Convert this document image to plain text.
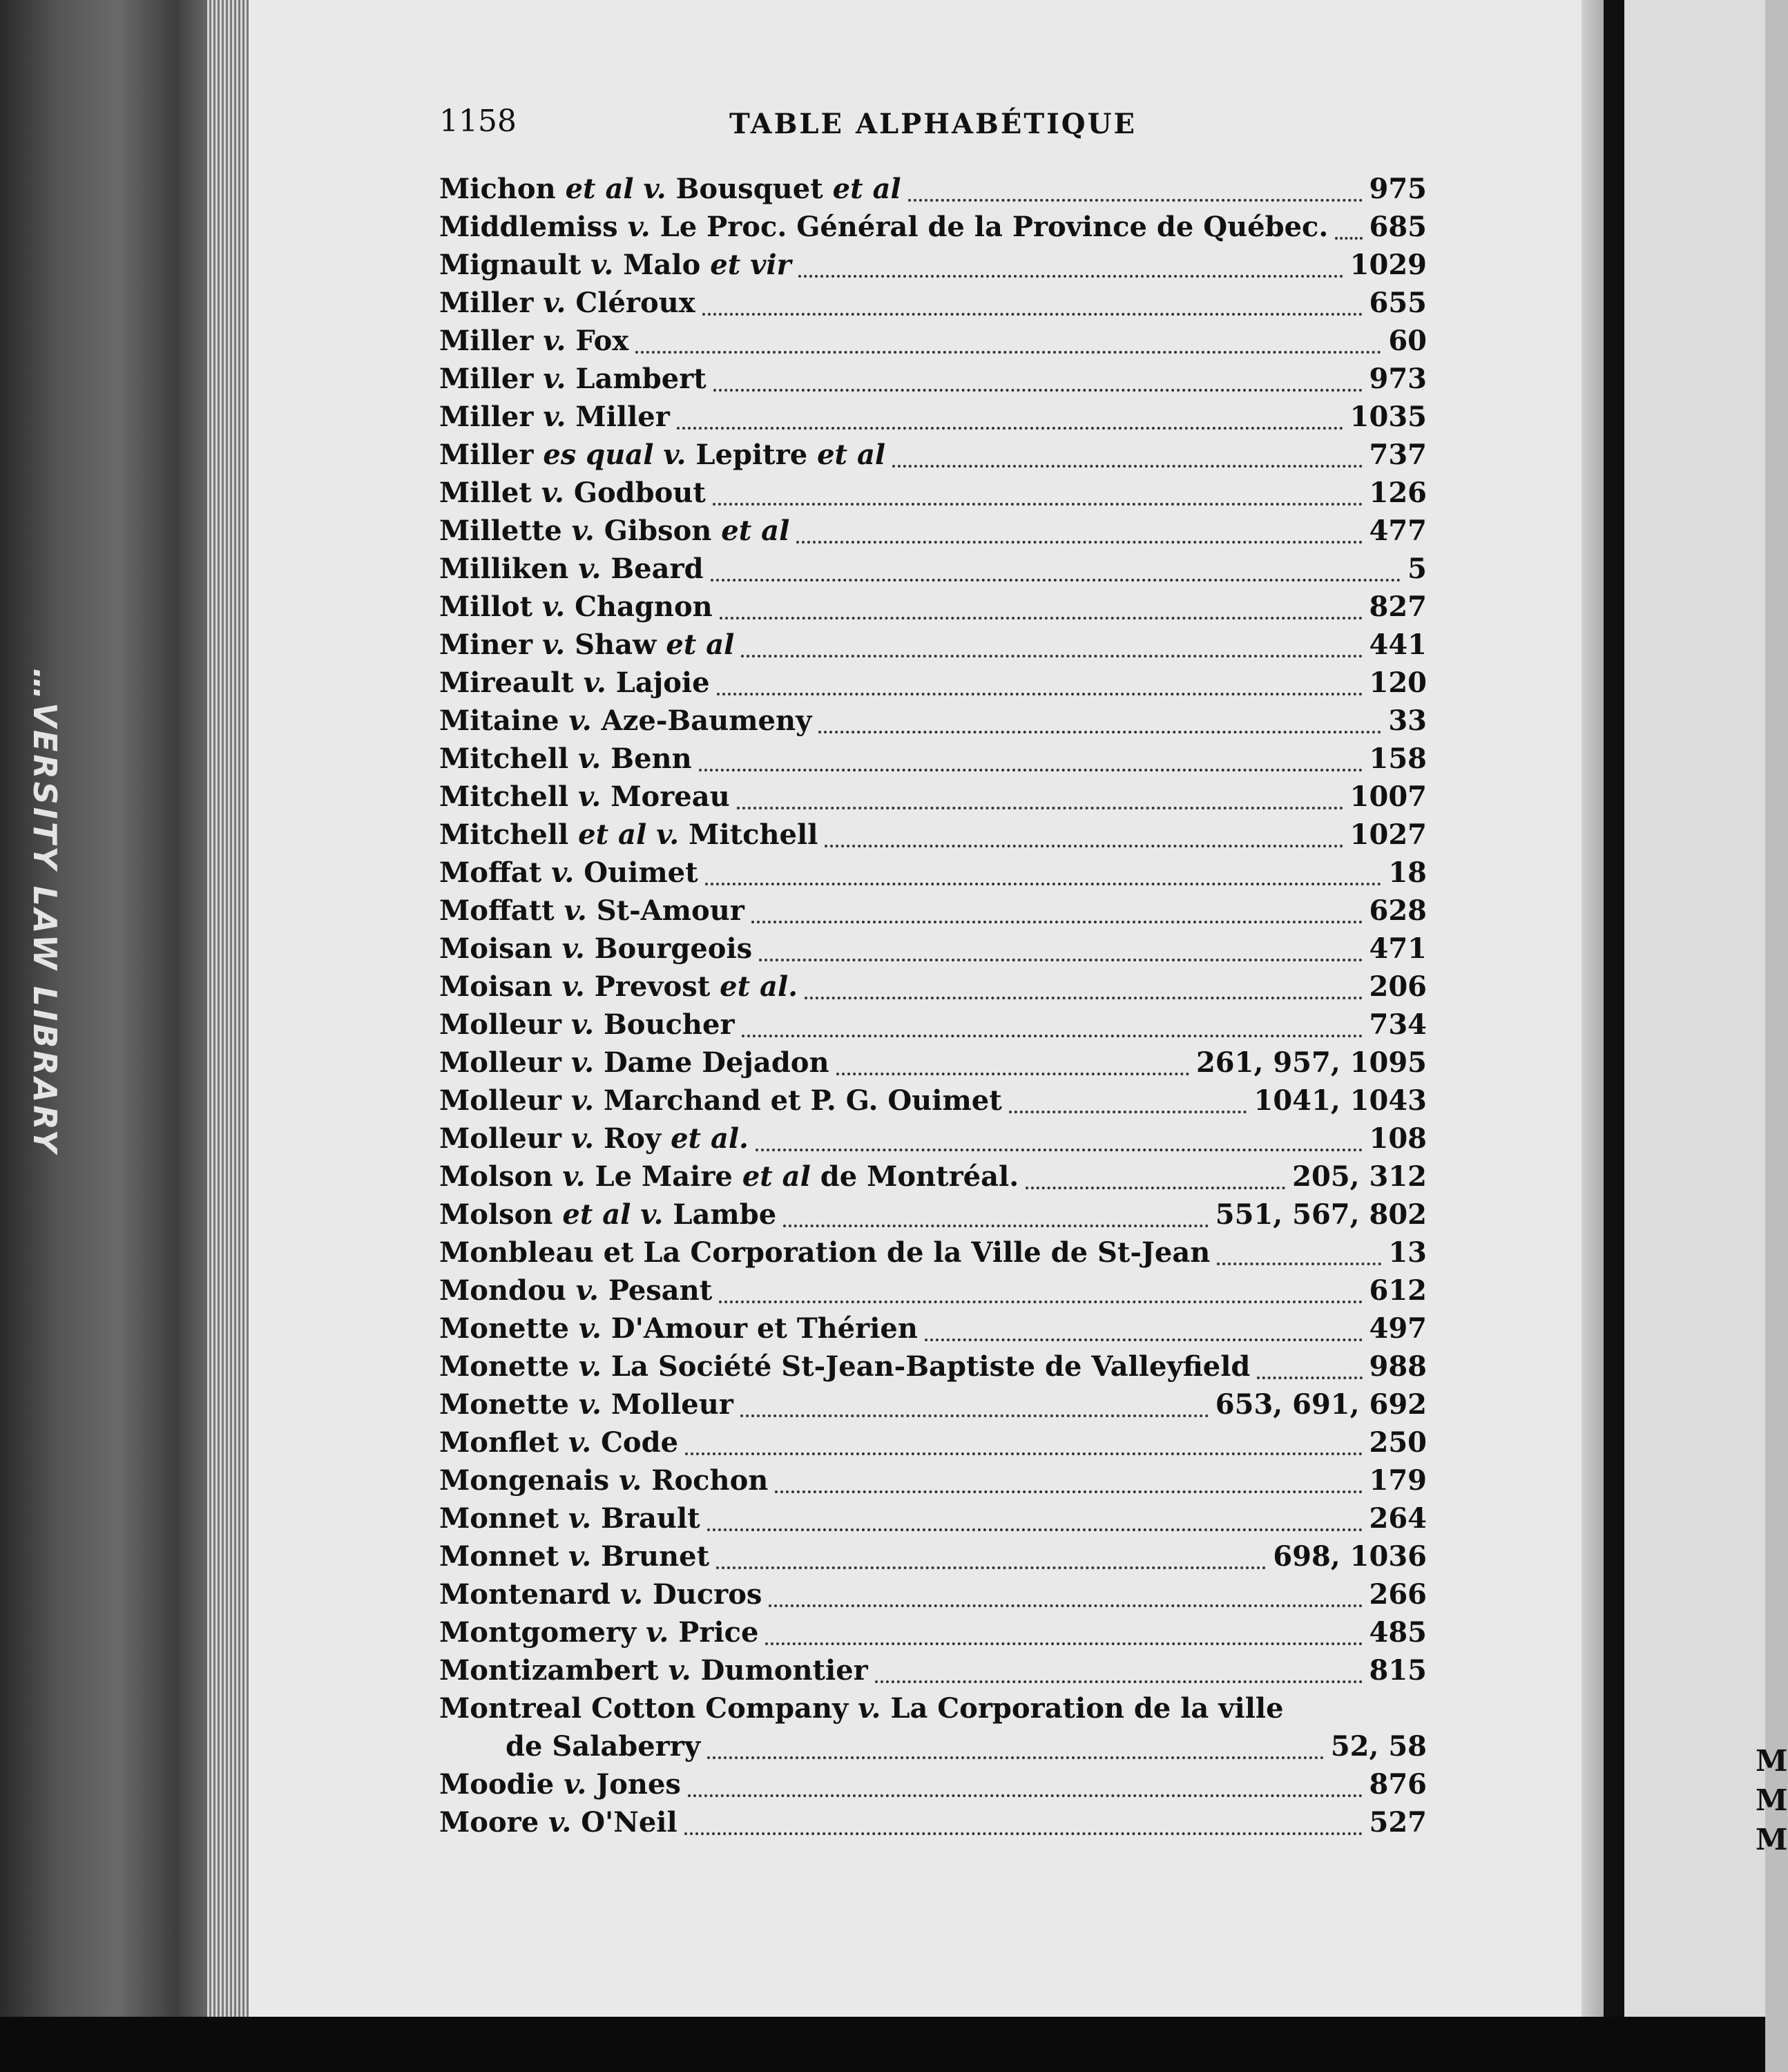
…VERSITY LAW LIBRARY
M
M
M
1158	TABLE ALPHABÉTIQUE
Michon et al v. Bousquet et al	975
Middlemiss v. Le Proc. Général de la Province de Québec. 685
Mignault v. Malo et vir	1029
Miller v. Cléroux	655
Miller v. Fox	60
Miller v. Lambert	973
Miller v. Miller	1035
Miller es qual v. Lepitre et al	737
Millet v. Godbout	126
Millette v. Gibson et al	477
Milliken v. Beard	5
Millot v. Chagnon	827
Miner v. Shaw et al	441
Mireault v. Lajoie	120
Mitaine v. Aze-Baumeny	33
Mitchell v. Benn	158
Mitchell v. Moreau	1007
Mitchell et al v. Mitchell	1027
Moffat v. Ouimet	18
Moffatt v. St-Amour	628
Moisan v. Bourgeois	471
Moisan v. Prevost et al.	206
Molleur v. Boucher	734
Molleur v. Dame Dejadon	261, 957, 1095
Molleur v. Marchand et P. G. Ouimet	1041, 1043
Molleur v. Roy et al.	108
Molson v. Le Maire et al de Montréal.	205, 312
Molson et al v. Lambe	551, 567, 802
Monbleau et La Corporation de la Ville de St-Jean	13
Mondou v. Pesant	612
Monette v. D'Amour et Thérien	497
Monette v. La Société St-Jean-Baptiste de Valleyfield	988
Monette v. Molleur	653, 691, 692
Monflet v. Code	250
Mongenais v. Rochon	179
Monnet v. Brault	264
Monnet v. Brunet	698, 1036
Montenard v. Ducros	266
Montgomery v. Price	485
Montizambert v. Dumontier	815
Montreal Cotton Company v. La Corporation de la ville
de Salaberry	52, 58
Moodie v. Jones	876
Moore v. O'Neil	527
